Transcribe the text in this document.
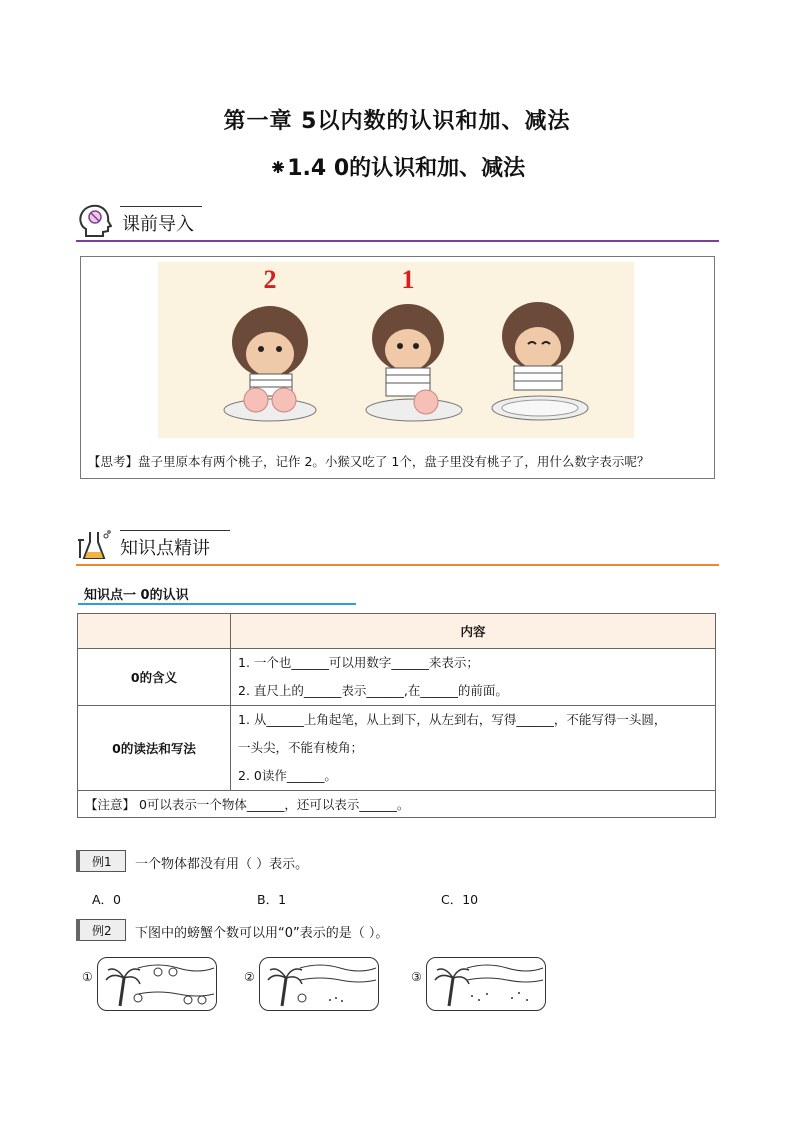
第一章 5以内数的认识和加、减法
⁕1.4 0的认识和加、减法
课前导入
2	1
【思考】盘子里原本有两个桃子，记作 2。小猴又吃了 1个，盘子里没有桃子了，用什么数字表示呢？
知识点精讲
知识点一 0的认识
	内容
0的含义	1. 一个也______可以用数字______来表示；
2. 直尺上的______表示______,在______的前面。

0的读法和写法	1. 从______上角起笔，从上到下，从左到右，写得______，不能写得一头圆，
一头尖，不能有棱角；
2. 0读作______。

【注意】 0可以表示一个物体______，还可以表示______。	
例1 一个物体都没有用（ ）表示。
A．0	B．1	C．10
例2 下图中的螃蟹个数可以用“0”表示的是（ ）。
①	②	③
